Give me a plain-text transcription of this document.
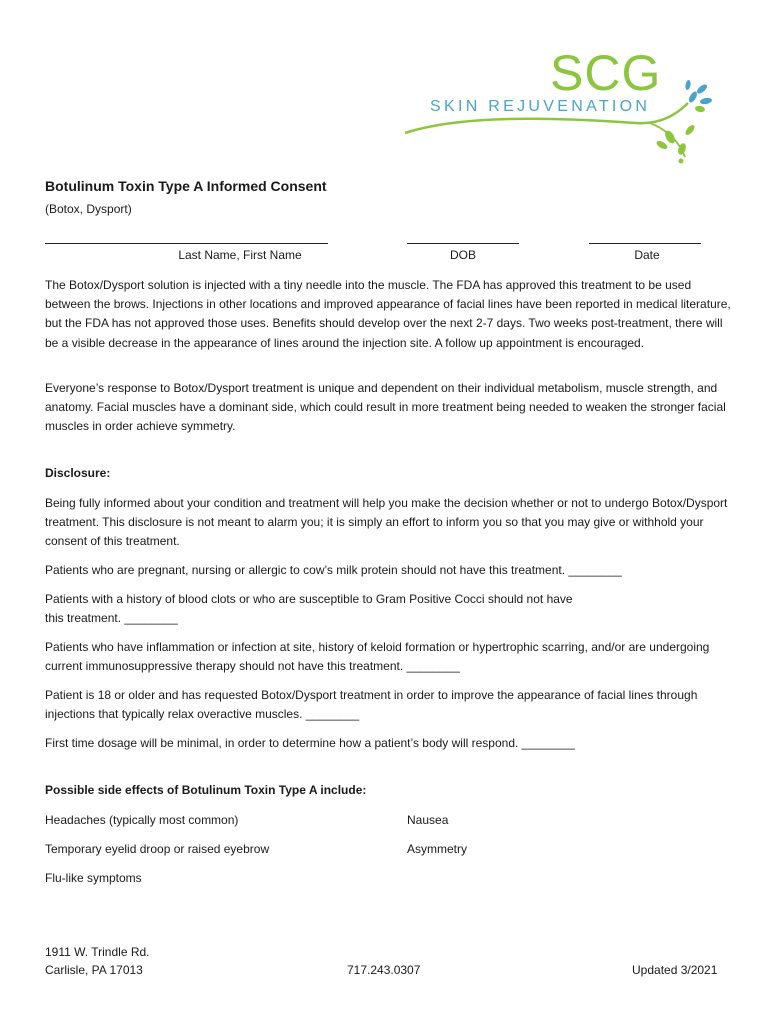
SCG
SKIN REJUVENATION
Botulinum Toxin Type A Informed Consent
(Botox, Dysport)
Last Name, First Name	DOB	Date
The Botox/Dysport solution is injected with a tiny needle into the muscle. The FDA has approved this treatment to be used between the brows. Injections in other locations and improved appearance of facial lines have been reported in medical literature, but the FDA has not approved those uses. Benefits should develop over the next 2-7 days. Two weeks post-treatment, there will be a visible decrease in the appearance of lines around the injection site. A follow up appointment is encouraged.
Everyone’s response to Botox/Dysport treatment is unique and dependent on their individual metabolism, muscle strength, and anatomy. Facial muscles have a dominant side, which could result in more treatment being needed to weaken the stronger facial muscles in order achieve symmetry.
Disclosure:
Being fully informed about your condition and treatment will help you make the decision whether or not to undergo Botox/Dysport treatment. This disclosure is not meant to alarm you; it is simply an effort to inform you so that you may give or withhold your consent of this treatment.
Patients who are pregnant, nursing or allergic to cow’s milk protein should not have this treatment. ________
Patients with a history of blood clots or who are susceptible to Gram Positive Cocci should not have
this treatment. ________
Patients who have inflammation or infection at site, history of keloid formation or hypertrophic scarring, and/or are undergoing current immunosuppressive therapy should not have this treatment. ________
Patient is 18 or older and has requested Botox/Dysport treatment in order to improve the appearance of facial lines through injections that typically relax overactive muscles. ________
First time dosage will be minimal, in order to determine how a patient’s body will respond. ________
Possible side effects of Botulinum Toxin Type A include:
Headaches (typically most common)	Nausea
Temporary eyelid droop or raised eyebrow	Asymmetry
Flu-like symptoms
1911 W. Trindle Rd.
Carlisle, PA 17013	717.243.0307	Updated 3/2021
